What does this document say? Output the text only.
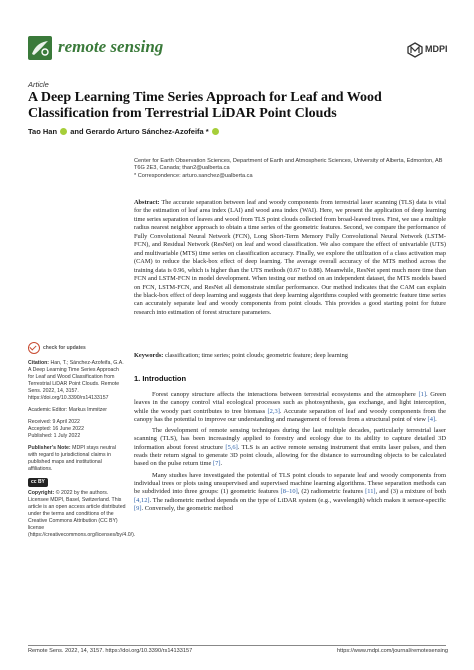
remote sensing	MDPI
Article
A Deep Learning Time Series Approach for Leaf and Wood Classification from Terrestrial LiDAR Point Clouds
Tao Han  and Gerardo Arturo Sánchez-Azofeifa *

Center for Earth Observation Sciences, Department of Earth and Atmospheric Sciences, University of Alberta, Edmonton, AB T6G 2E3, Canada; than2@ualberta.ca

* Correspondence: arturo.sanchez@ualberta.ca

Abstract: The accurate separation between leaf and woody components from terrestrial laser scanning (TLS) data is vital for the estimation of leaf area index (LAI) and wood area index (WAI). Here, we present the application of deep learning time series separation of leaves and wood from TLS point clouds collected from broad-leaved trees. First, we use a multiple radius nearest neighbor approach to obtain a time series of the geometric features. Second, we compare the performance of Fully Convolutional Neural Network (FCN), Long Short-Term Memory Fully Convolutional Neural Network (LSTM-FCN), and Residual Network (ResNet) on leaf and wood classification. We also compare the effect of univariable (UTS) and multivariable (MTS) time series on classification accuracy. Finally, we explore the utilization of a class activation map (CAM) to reduce the black-box effect of deep learning. The average overall accuracy of the MTS method across the training data is 0.96, which is higher than the UTS methods (0.67 to 0.88). Meanwhile, ResNet spent much more time than FCN and LSTM-FCN in model development. When testing our method on an independent dataset, the MTS models based on FCN, LSTM-FCN, and ResNet all demonstrate similar performance. Our method indicates that the CAM can explain the black-box effect of deep learning and suggests that deep learning algorithms coupled with geometric feature time series can accurately separate leaf and woody components from point clouds. This provides a good starting point for future research into estimation of forest structure parameters.
Keywords: classification; time series; point clouds; geometric feature; deep learning
check for updates

Citation: Han, T.; Sánchez-Azofeifa, G.A. A Deep Learning Time Series Approach for Leaf and Wood Classification from Terrestrial LiDAR Point Clouds. Remote Sens. 2022, 14, 3157. https://doi.org/10.3390/rs14133157

Academic Editor: Markus Immitzer

Received: 9 April 2022
Accepted: 16 June 2022
Published: 1 July 2022

Publisher’s Note: MDPI stays neutral with regard to jurisdictional claims in published maps and institutional affiliations.

cc BY

Copyright: © 2022 by the authors. Licensee MDPI, Basel, Switzerland. This article is an open access article distributed under the terms and conditions of the Creative Commons Attribution (CC BY) license (https://creativecommons.org/licenses/by/4.0/).

1. Introduction

Forest canopy structure affects the interactions between terrestrial ecosystems and the atmosphere [1]. Green leaves in the canopy control vital ecological processes such as photosynthesis, gas exchange, and light interception, while the woody part contributes to tree biomass [2,3]. Accurate separation of leaf and woody components from the canopy has the potential to improve our understanding and management of forests from a structural point of view [4].

The development of remote sensing techniques during the last multiple decades, particularly terrestrial laser scanning (TLS), has been increasingly applied to forestry and ecology due to its ability to capture detailed 3D information about forest structure [5,6]. TLS is an active remote sensing instrument that emits laser pulses, and then reads their return signal to generate 3D point clouds, allowing for the distance to surrounding objects to be calculated based on the pulse return time [7].

Many studies have investigated the potential of TLS point clouds to separate leaf and woody components from individual trees or plots using unsupervised and supervised machine learning algorithms. These separation methods can be subdivided into three groups: (1) geometric features [8–10], (2) radiometric features [11], and (3) a mixture of both [4,12]. The radiometric method depends on the type of LiDAR system (e.g., wavelength) which makes it sensor-specific [9]. Conversely, the geometric method

Remote Sens. 2022, 14, 3157. https://doi.org/10.3390/rs14133157	https://www.mdpi.com/journal/remotesensing
